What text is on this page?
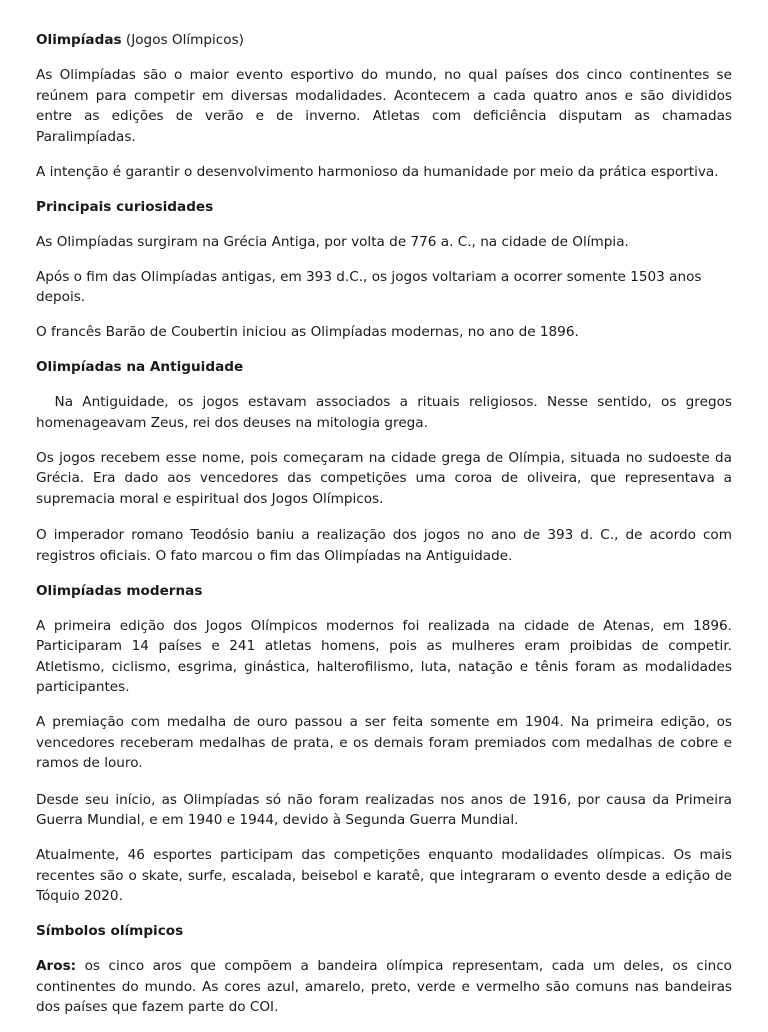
Olimpíadas (Jogos Olímpicos)

As Olimpíadas são o maior evento esportivo do mundo, no qual países dos cinco continentes se reúnem para competir em diversas modalidades. Acontecem a cada quatro anos e são divididos entre as edições de verão e de inverno. Atletas com deficiência disputam as chamadas Paralimpíadas.

A intenção é garantir o desenvolvimento harmonioso da humanidade por meio da prática esportiva.

Principais curiosidades

As Olimpíadas surgiram na Grécia Antiga, por volta de 776 a. C., na cidade de Olímpia.

Após o fim das Olimpíadas antigas, em 393 d.C., os jogos voltariam a ocorrer somente 1503 anos depois.

O francês Barão de Coubertin iniciou as Olimpíadas modernas, no ano de 1896.

Olimpíadas na Antiguidade

Na Antiguidade, os jogos estavam associados a rituais religiosos. Nesse sentido, os gregos homenageavam Zeus, rei dos deuses na mitologia grega.

Os jogos recebem esse nome, pois começaram na cidade grega de Olímpia, situada no sudoeste da Grécia. Era dado aos vencedores das competições uma coroa de oliveira, que representava a supremacia moral e espiritual dos Jogos Olímpicos.

O imperador romano Teodósio baniu a realização dos jogos no ano de 393 d. C., de acordo com registros oficiais. O fato marcou o fim das Olimpíadas na Antiguidade.

Olimpíadas modernas

A primeira edição dos Jogos Olímpicos modernos foi realizada na cidade de Atenas, em 1896. Participaram 14 países e 241 atletas homens, pois as mulheres eram proibidas de competir. Atletismo, ciclismo, esgrima, ginástica, halterofilismo, luta, natação e tênis foram as modalidades participantes.

A premiação com medalha de ouro passou a ser feita somente em 1904. Na primeira edição, os vencedores receberam medalhas de prata, e os demais foram premiados com medalhas de cobre e ramos de louro.

Desde seu início, as Olimpíadas só não foram realizadas nos anos de 1916, por causa da Primeira Guerra Mundial, e em 1940 e 1944, devido à Segunda Guerra Mundial.

Atualmente, 46 esportes participam das competições enquanto modalidades olímpicas. Os mais recentes são o skate, surfe, escalada, beisebol e karatê, que integraram o evento desde a edição de Tóquio 2020.

Símbolos olímpicos

Aros: os cinco aros que compõem a bandeira olímpica representam, cada um deles, os cinco continentes do mundo. As cores azul, amarelo, preto, verde e vermelho são comuns nas bandeiras dos países que fazem parte do COI.
